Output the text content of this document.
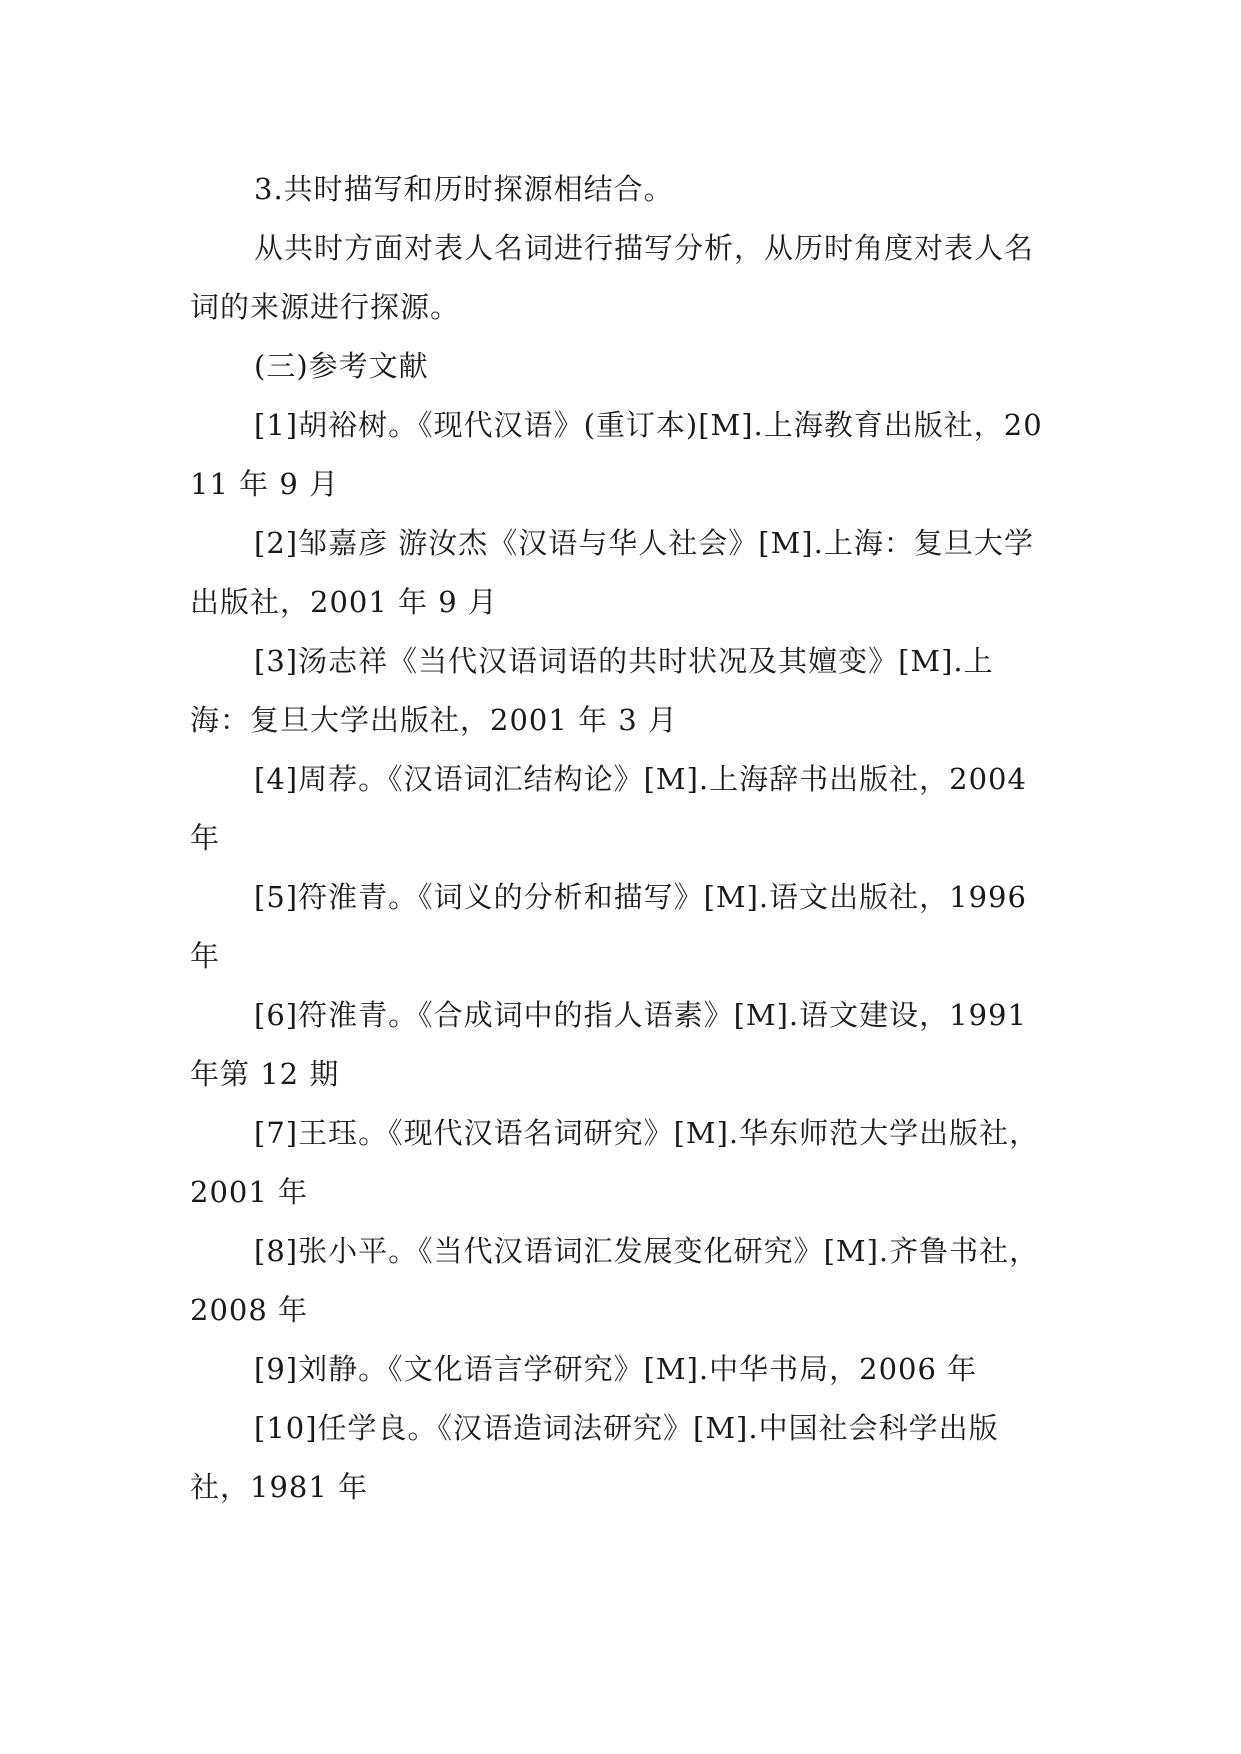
3.共时描写和历时探源相结合。

从共时方面对表人名词进行描写分析，从历时角度对表人名词的来源进行探源。

(三)参考文献

[1]胡裕树。《现代汉语》(重订本)[M].上海教育出版社，2011 年 9 月

[2]邹嘉彦 游汝杰《汉语与华人社会》[M].上海：复旦大学出版社，2001 年 9 月

[3]汤志祥《当代汉语词语的共时状况及其嬗变》[M].上海：复旦大学出版社，2001 年 3 月

[4]周荐。《汉语词汇结构论》[M].上海辞书出版社，2004 年

[5]符淮青。《词义的分析和描写》[M].语文出版社，1996 年

[6]符淮青。《合成词中的指人语素》[M].语文建设，1991 年第 12 期

[7]王珏。《现代汉语名词研究》[M].华东师范大学出版社，2001 年

[8]张小平。《当代汉语词汇发展变化研究》[M].齐鲁书社，2008 年

[9]刘静。《文化语言学研究》[M].中华书局，2006 年

[10]任学良。《汉语造词法研究》[M].中国社会科学出版社，1981 年
